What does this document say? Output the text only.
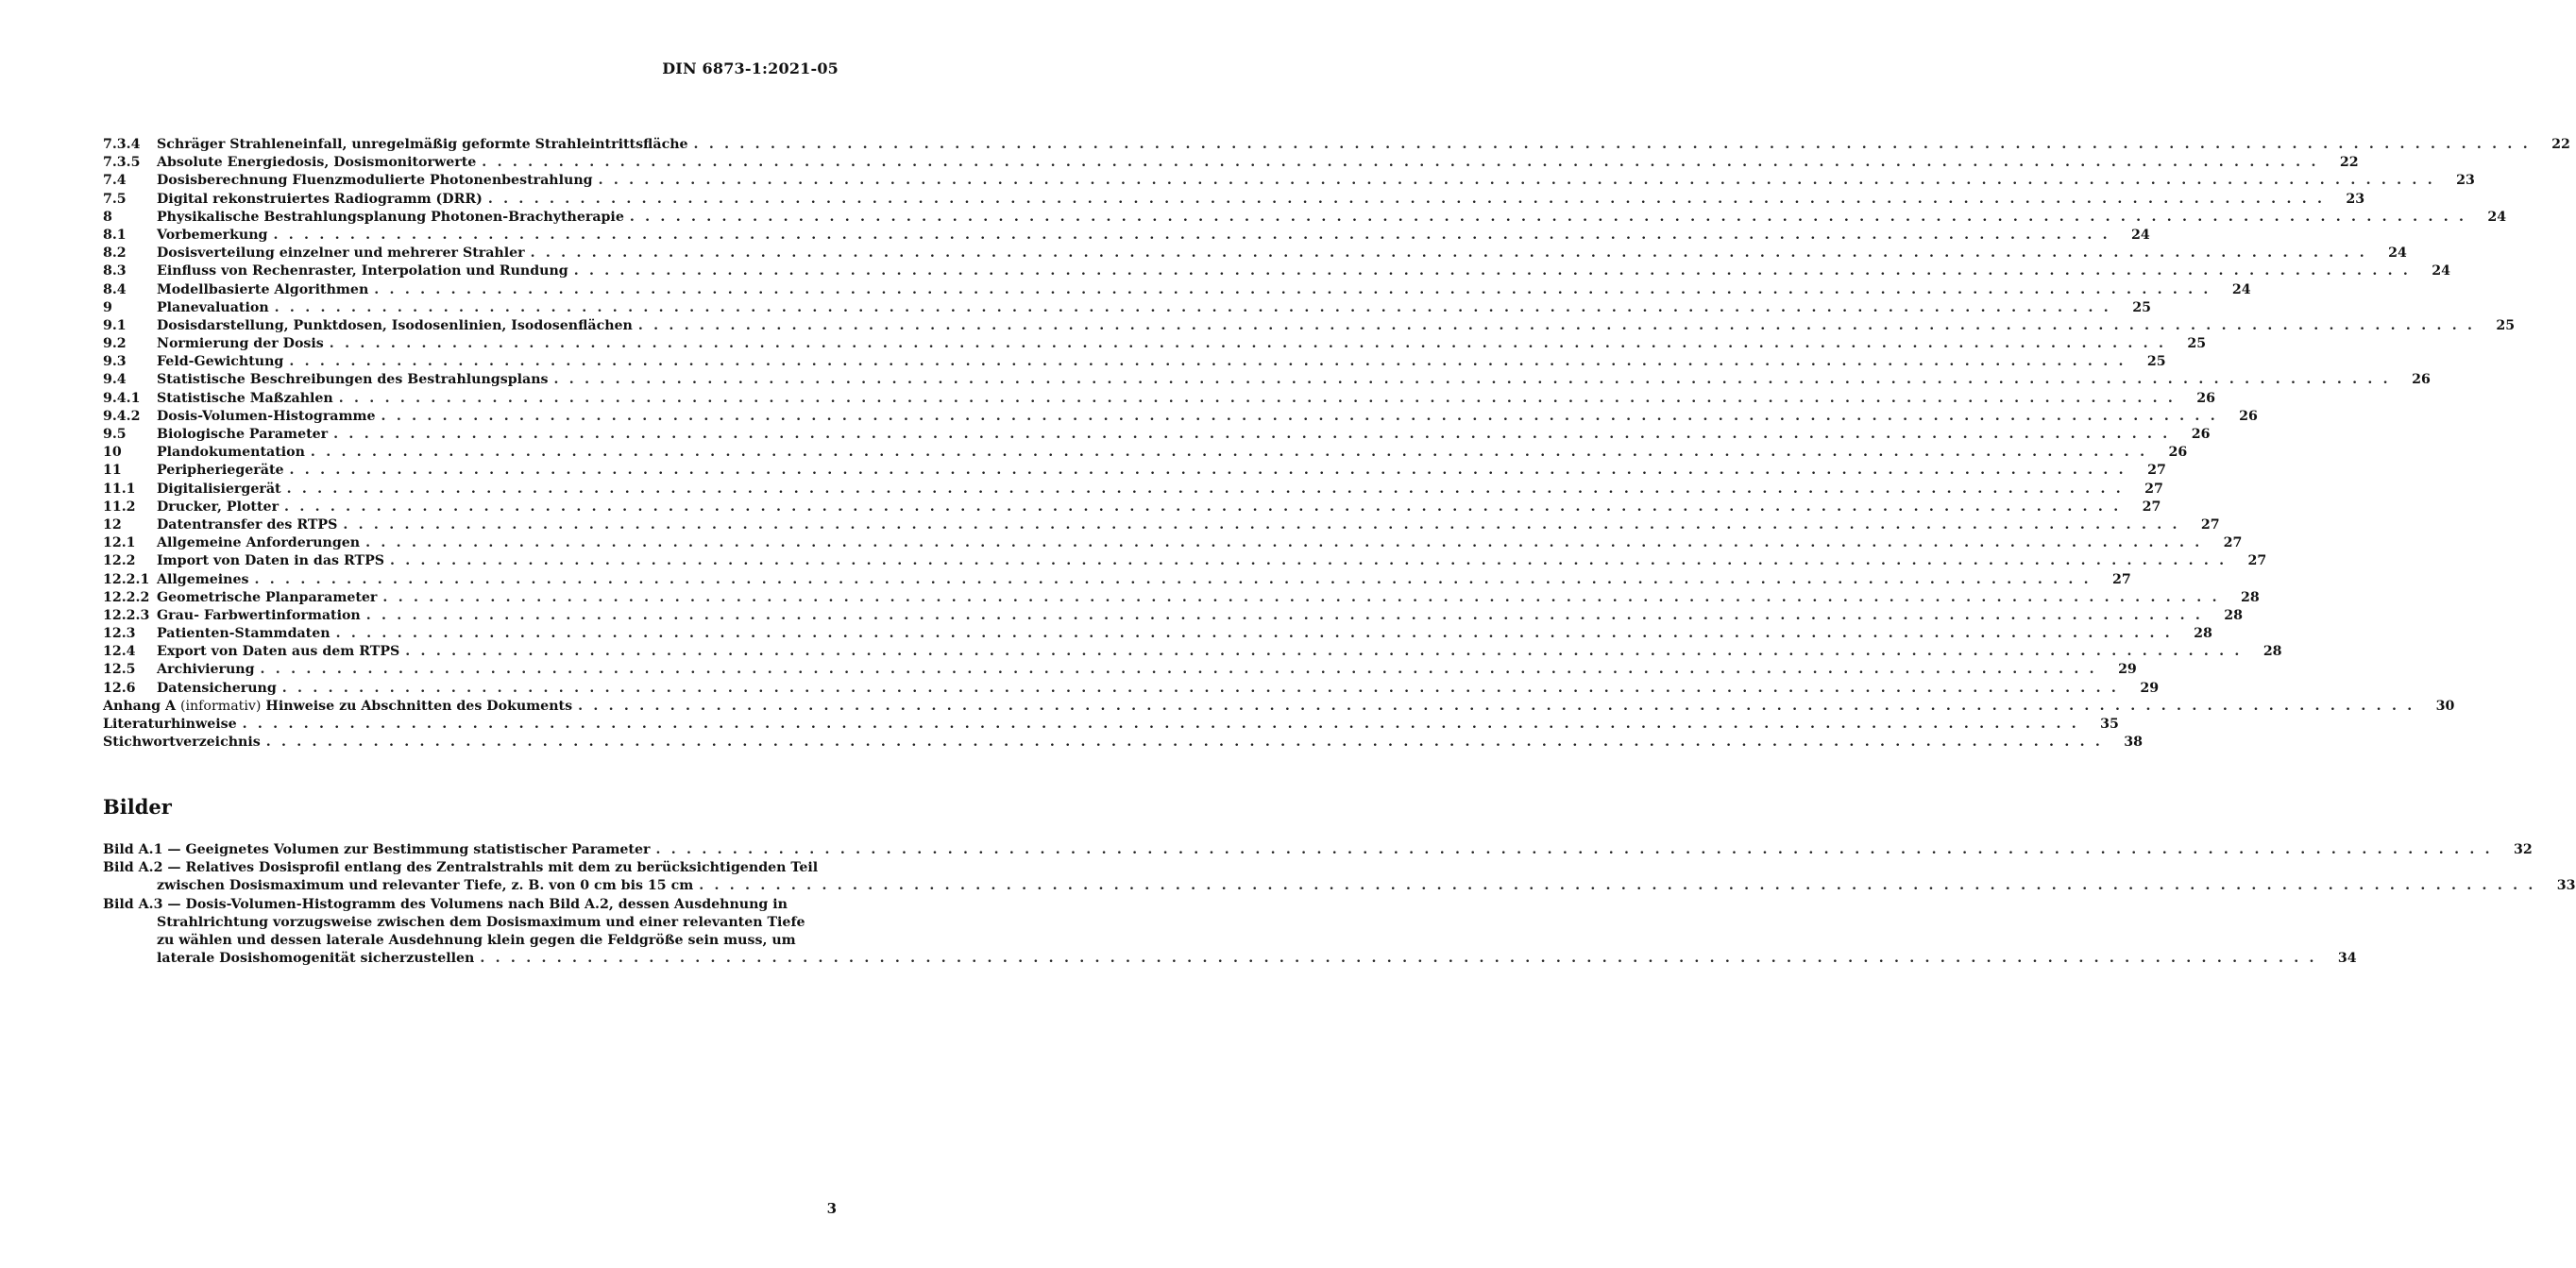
DIN 6873-1:2021-05
7.3.4	Schräger Strahleneinfall, unregelmäßig geformte Strahleintrittsfläche . . . . . . . . . . . . . . . . . . . . . . . . . . . . . . . . . . . . . . . . . . . . . . . . . . . . . . . . . . . . . . . . . . . . . . . . . . . . . . . . . . . . . . . . . . . . . . . . . . . . . . . . . . . . . . . . . . . . . . . .	22
7.3.5	Absolute Energiedosis, Dosismonitorwerte . . . . . . . . . . . . . . . . . . . . . . . . . . . . . . . . . . . . . . . . . . . . . . . . . . . . . . . . . . . . . . . . . . . . . . . . . . . . . . . . . . . . . . . . . . . . . . . . . . . . . . . . . . . . . . . . . . . . . . . .	22
7.4	Dosisberechnung Fluenzmodulierte Photonenbestrahlung . . . . . . . . . . . . . . . . . . . . . . . . . . . . . . . . . . . . . . . . . . . . . . . . . . . . . . . . . . . . . . . . . . . . . . . . . . . . . . . . . . . . . . . . . . . . . . . . . . . . . . . . . . . . . . . . . . . . . . . .	23
7.5	Digital rekonstruiertes Radiogramm (DRR) . . . . . . . . . . . . . . . . . . . . . . . . . . . . . . . . . . . . . . . . . . . . . . . . . . . . . . . . . . . . . . . . . . . . . . . . . . . . . . . . . . . . . . . . . . . . . . . . . . . . . . . . . . . . . . . . . . . . . . . .	23
8	Physikalische Bestrahlungsplanung Photonen-Brachytherapie . . . . . . . . . . . . . . . . . . . . . . . . . . . . . . . . . . . . . . . . . . . . . . . . . . . . . . . . . . . . . . . . . . . . . . . . . . . . . . . . . . . . . . . . . . . . . . . . . . . . . . . . . . . . . . . . . . . . . . . .	24
8.1	Vorbemerkung . . . . . . . . . . . . . . . . . . . . . . . . . . . . . . . . . . . . . . . . . . . . . . . . . . . . . . . . . . . . . . . . . . . . . . . . . . . . . . . . . . . . . . . . . . . . . . . . . . . . . . . . . . . . . . . . . . . . . . . .	24
8.2	Dosisverteilung einzelner und mehrerer Strahler . . . . . . . . . . . . . . . . . . . . . . . . . . . . . . . . . . . . . . . . . . . . . . . . . . . . . . . . . . . . . . . . . . . . . . . . . . . . . . . . . . . . . . . . . . . . . . . . . . . . . . . . . . . . . . . . . . . . . . . .	24
8.3	Einfluss von Rechenraster, Interpolation und Rundung . . . . . . . . . . . . . . . . . . . . . . . . . . . . . . . . . . . . . . . . . . . . . . . . . . . . . . . . . . . . . . . . . . . . . . . . . . . . . . . . . . . . . . . . . . . . . . . . . . . . . . . . . . . . . . . . . . . . . . . .	24
8.4	Modellbasierte Algorithmen . . . . . . . . . . . . . . . . . . . . . . . . . . . . . . . . . . . . . . . . . . . . . . . . . . . . . . . . . . . . . . . . . . . . . . . . . . . . . . . . . . . . . . . . . . . . . . . . . . . . . . . . . . . . . . . . . . . . . . . .	24
9	Planevaluation . . . . . . . . . . . . . . . . . . . . . . . . . . . . . . . . . . . . . . . . . . . . . . . . . . . . . . . . . . . . . . . . . . . . . . . . . . . . . . . . . . . . . . . . . . . . . . . . . . . . . . . . . . . . . . . . . . . . . . . .	25
9.1	Dosisdarstellung, Punktdosen, Isodosenlinien, Isodosenflächen . . . . . . . . . . . . . . . . . . . . . . . . . . . . . . . . . . . . . . . . . . . . . . . . . . . . . . . . . . . . . . . . . . . . . . . . . . . . . . . . . . . . . . . . . . . . . . . . . . . . . . . . . . . . . . . . . . . . . . . .	25
9.2	Normierung der Dosis . . . . . . . . . . . . . . . . . . . . . . . . . . . . . . . . . . . . . . . . . . . . . . . . . . . . . . . . . . . . . . . . . . . . . . . . . . . . . . . . . . . . . . . . . . . . . . . . . . . . . . . . . . . . . . . . . . . . . . . .	25
9.3	Feld-Gewichtung . . . . . . . . . . . . . . . . . . . . . . . . . . . . . . . . . . . . . . . . . . . . . . . . . . . . . . . . . . . . . . . . . . . . . . . . . . . . . . . . . . . . . . . . . . . . . . . . . . . . . . . . . . . . . . . . . . . . . . . .	25
9.4	Statistische Beschreibungen des Bestrahlungsplans . . . . . . . . . . . . . . . . . . . . . . . . . . . . . . . . . . . . . . . . . . . . . . . . . . . . . . . . . . . . . . . . . . . . . . . . . . . . . . . . . . . . . . . . . . . . . . . . . . . . . . . . . . . . . . . . . . . . . . . .	26
9.4.1	Statistische Maßzahlen . . . . . . . . . . . . . . . . . . . . . . . . . . . . . . . . . . . . . . . . . . . . . . . . . . . . . . . . . . . . . . . . . . . . . . . . . . . . . . . . . . . . . . . . . . . . . . . . . . . . . . . . . . . . . . . . . . . . . . . .	26
9.4.2	Dosis-Volumen-Histogramme . . . . . . . . . . . . . . . . . . . . . . . . . . . . . . . . . . . . . . . . . . . . . . . . . . . . . . . . . . . . . . . . . . . . . . . . . . . . . . . . . . . . . . . . . . . . . . . . . . . . . . . . . . . . . . . . . . . . . . . .	26
9.5	Biologische Parameter . . . . . . . . . . . . . . . . . . . . . . . . . . . . . . . . . . . . . . . . . . . . . . . . . . . . . . . . . . . . . . . . . . . . . . . . . . . . . . . . . . . . . . . . . . . . . . . . . . . . . . . . . . . . . . . . . . . . . . . .	26
10	Plandokumentation . . . . . . . . . . . . . . . . . . . . . . . . . . . . . . . . . . . . . . . . . . . . . . . . . . . . . . . . . . . . . . . . . . . . . . . . . . . . . . . . . . . . . . . . . . . . . . . . . . . . . . . . . . . . . . . . . . . . . . . .	26
11	Peripheriegeräte . . . . . . . . . . . . . . . . . . . . . . . . . . . . . . . . . . . . . . . . . . . . . . . . . . . . . . . . . . . . . . . . . . . . . . . . . . . . . . . . . . . . . . . . . . . . . . . . . . . . . . . . . . . . . . . . . . . . . . . .	27
11.1	Digitalisiergerät . . . . . . . . . . . . . . . . . . . . . . . . . . . . . . . . . . . . . . . . . . . . . . . . . . . . . . . . . . . . . . . . . . . . . . . . . . . . . . . . . . . . . . . . . . . . . . . . . . . . . . . . . . . . . . . . . . . . . . . .	27
11.2	Drucker, Plotter . . . . . . . . . . . . . . . . . . . . . . . . . . . . . . . . . . . . . . . . . . . . . . . . . . . . . . . . . . . . . . . . . . . . . . . . . . . . . . . . . . . . . . . . . . . . . . . . . . . . . . . . . . . . . . . . . . . . . . . .	27
12	Datentransfer des RTPS . . . . . . . . . . . . . . . . . . . . . . . . . . . . . . . . . . . . . . . . . . . . . . . . . . . . . . . . . . . . . . . . . . . . . . . . . . . . . . . . . . . . . . . . . . . . . . . . . . . . . . . . . . . . . . . . . . . . . . . .	27
12.1	Allgemeine Anforderungen . . . . . . . . . . . . . . . . . . . . . . . . . . . . . . . . . . . . . . . . . . . . . . . . . . . . . . . . . . . . . . . . . . . . . . . . . . . . . . . . . . . . . . . . . . . . . . . . . . . . . . . . . . . . . . . . . . . . . . . .	27
12.2	Import von Daten in das RTPS . . . . . . . . . . . . . . . . . . . . . . . . . . . . . . . . . . . . . . . . . . . . . . . . . . . . . . . . . . . . . . . . . . . . . . . . . . . . . . . . . . . . . . . . . . . . . . . . . . . . . . . . . . . . . . . . . . . . . . . .	27
12.2.1 Allgemeines . . . . . . . . . . . . . . . . . . . . . . . . . . . . . . . . . . . . . . . . . . . . . . . . . . . . . . . . . . . . . . . . . . . . . . . . . . . . . . . . . . . . . . . . . . . . . . . . . . . . . . . . . . . . . . . . . . . . . . . .	27
12.2.2 Geometrische Planparameter . . . . . . . . . . . . . . . . . . . . . . . . . . . . . . . . . . . . . . . . . . . . . . . . . . . . . . . . . . . . . . . . . . . . . . . . . . . . . . . . . . . . . . . . . . . . . . . . . . . . . . . . . . . . . . . . . . . . . . . .	28
12.2.3 Grau- Farbwertinformation . . . . . . . . . . . . . . . . . . . . . . . . . . . . . . . . . . . . . . . . . . . . . . . . . . . . . . . . . . . . . . . . . . . . . . . . . . . . . . . . . . . . . . . . . . . . . . . . . . . . . . . . . . . . . . . . . . . . . . . .	28
12.3	Patienten-Stammdaten . . . . . . . . . . . . . . . . . . . . . . . . . . . . . . . . . . . . . . . . . . . . . . . . . . . . . . . . . . . . . . . . . . . . . . . . . . . . . . . . . . . . . . . . . . . . . . . . . . . . . . . . . . . . . . . . . . . . . . . .	28
12.4	Export von Daten aus dem RTPS . . . . . . . . . . . . . . . . . . . . . . . . . . . . . . . . . . . . . . . . . . . . . . . . . . . . . . . . . . . . . . . . . . . . . . . . . . . . . . . . . . . . . . . . . . . . . . . . . . . . . . . . . . . . . . . . . . . . . . . .	28
12.5	Archivierung . . . . . . . . . . . . . . . . . . . . . . . . . . . . . . . . . . . . . . . . . . . . . . . . . . . . . . . . . . . . . . . . . . . . . . . . . . . . . . . . . . . . . . . . . . . . . . . . . . . . . . . . . . . . . . . . . . . . . . . .	29
12.6	Datensicherung . . . . . . . . . . . . . . . . . . . . . . . . . . . . . . . . . . . . . . . . . . . . . . . . . . . . . . . . . . . . . . . . . . . . . . . . . . . . . . . . . . . . . . . . . . . . . . . . . . . . . . . . . . . . . . . . . . . . . . . .	29
Anhang A (informativ) Hinweise zu Abschnitten des Dokuments . . . . . . . . . . . . . . . . . . . . . . . . . . . . . . . . . . . . . . . . . . . . . . . . . . . . . . . . . . . . . . . . . . . . . . . . . . . . . . . . . . . . . . . . . . . . . . . . . . . . . . . . . . . . . . . . . . . . . . . .	30
Literaturhinweise . . . . . . . . . . . . . . . . . . . . . . . . . . . . . . . . . . . . . . . . . . . . . . . . . . . . . . . . . . . . . . . . . . . . . . . . . . . . . . . . . . . . . . . . . . . . . . . . . . . . . . . . . . . . . . . . . . . . . . . .	35
Stichwortverzeichnis . . . . . . . . . . . . . . . . . . . . . . . . . . . . . . . . . . . . . . . . . . . . . . . . . . . . . . . . . . . . . . . . . . . . . . . . . . . . . . . . . . . . . . . . . . . . . . . . . . . . . . . . . . . . . . . . . . . . . . . .	38
Bilder
Bild A.1 — Geeignetes Volumen zur Bestimmung statistischer Parameter . . . . . . . . . . . . . . . . . . . . . . . . . . . . . . . . . . . . . . . . . . . . . . . . . . . . . . . . . . . . . . . . . . . . . . . . . . . . . . . . . . . . . . . . . . . . . . . . . . . . . . . . . . . . . . . . . . . . . . . .	32
Bild A.2 — Relatives Dosisprofil entlang des Zentralstrahls mit dem zu berücksichtigenden Teil
zwischen Dosismaximum und relevanter Tiefe, z. B. von 0 cm bis 15 cm . . . . . . . . . . . . . . . . . . . . . . . . . . . . . . . . . . . . . . . . . . . . . . . . . . . . . . . . . . . . . . . . . . . . . . . . . . . . . . . . . . . . . . . . . . . . . . . . . . . . . . . . . . . . . . . . . . . . . . . .	33
Bild A.3 — Dosis-Volumen-Histogramm des Volumens nach Bild A.2, dessen Ausdehnung in
Strahlrichtung vorzugsweise zwischen dem Dosismaximum und einer relevanten Tiefe
zu wählen und dessen laterale Ausdehnung klein gegen die Feldgröße sein muss, um
laterale Dosishomogenität sicherzustellen . . . . . . . . . . . . . . . . . . . . . . . . . . . . . . . . . . . . . . . . . . . . . . . . . . . . . . . . . . . . . . . . . . . . . . . . . . . . . . . . . . . . . . . . . . . . . . . . . . . . . . . . . . . . . . . . . . . . . . . .	34
3
